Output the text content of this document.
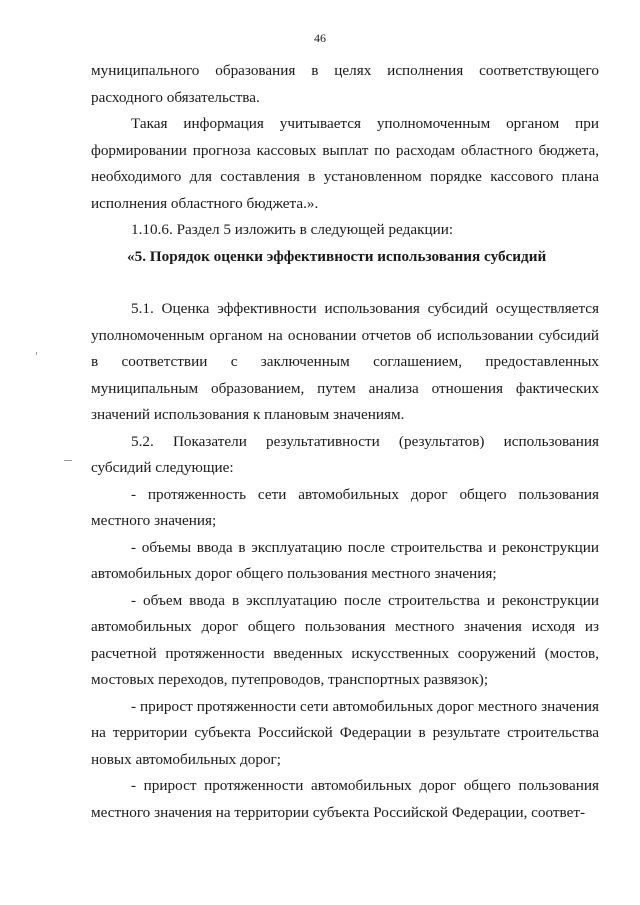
46

муниципального образования в целях исполнения соответствующего расходного обязательства.

Такая информация учитывается уполномоченным органом при формировании прогноза кассовых выплат по расходам областного бюджета, необходимого для составления в установленном порядке кассового плана исполнения областного бюджета.».

1.10.6. Раздел 5 изложить в следующей редакции:

«5. Порядок оценки эффективности использования субсидий

5.1. Оценка эффективности использования субсидий осуществляется уполномоченным органом на основании отчетов об использовании субсидий в соответствии с заключенным соглашением, предоставленных муниципальным образованием, путем анализа отношения фактических значений использования к плановым значениям.

5.2. Показатели результативности (результатов) использования субсидий следующие:

- протяженность сети автомобильных дорог общего пользования местного значения;

- объемы ввода в эксплуатацию после строительства и реконструкции автомобильных дорог общего пользования местного значения;

- объем ввода в эксплуатацию после строительства и реконструкции автомобильных дорог общего пользования местного значения исходя из расчетной протяженности введенных искусственных сооружений (мостов, мостовых переходов, путепроводов, транспортных развязок);

- прирост протяженности сети автомобильных дорог местного значения на территории субъекта Российской Федерации в результате строительства новых автомобильных дорог;

- прирост протяженности автомобильных дорог общего пользования местного значения на территории субъекта Российской Федерации, соответ-
